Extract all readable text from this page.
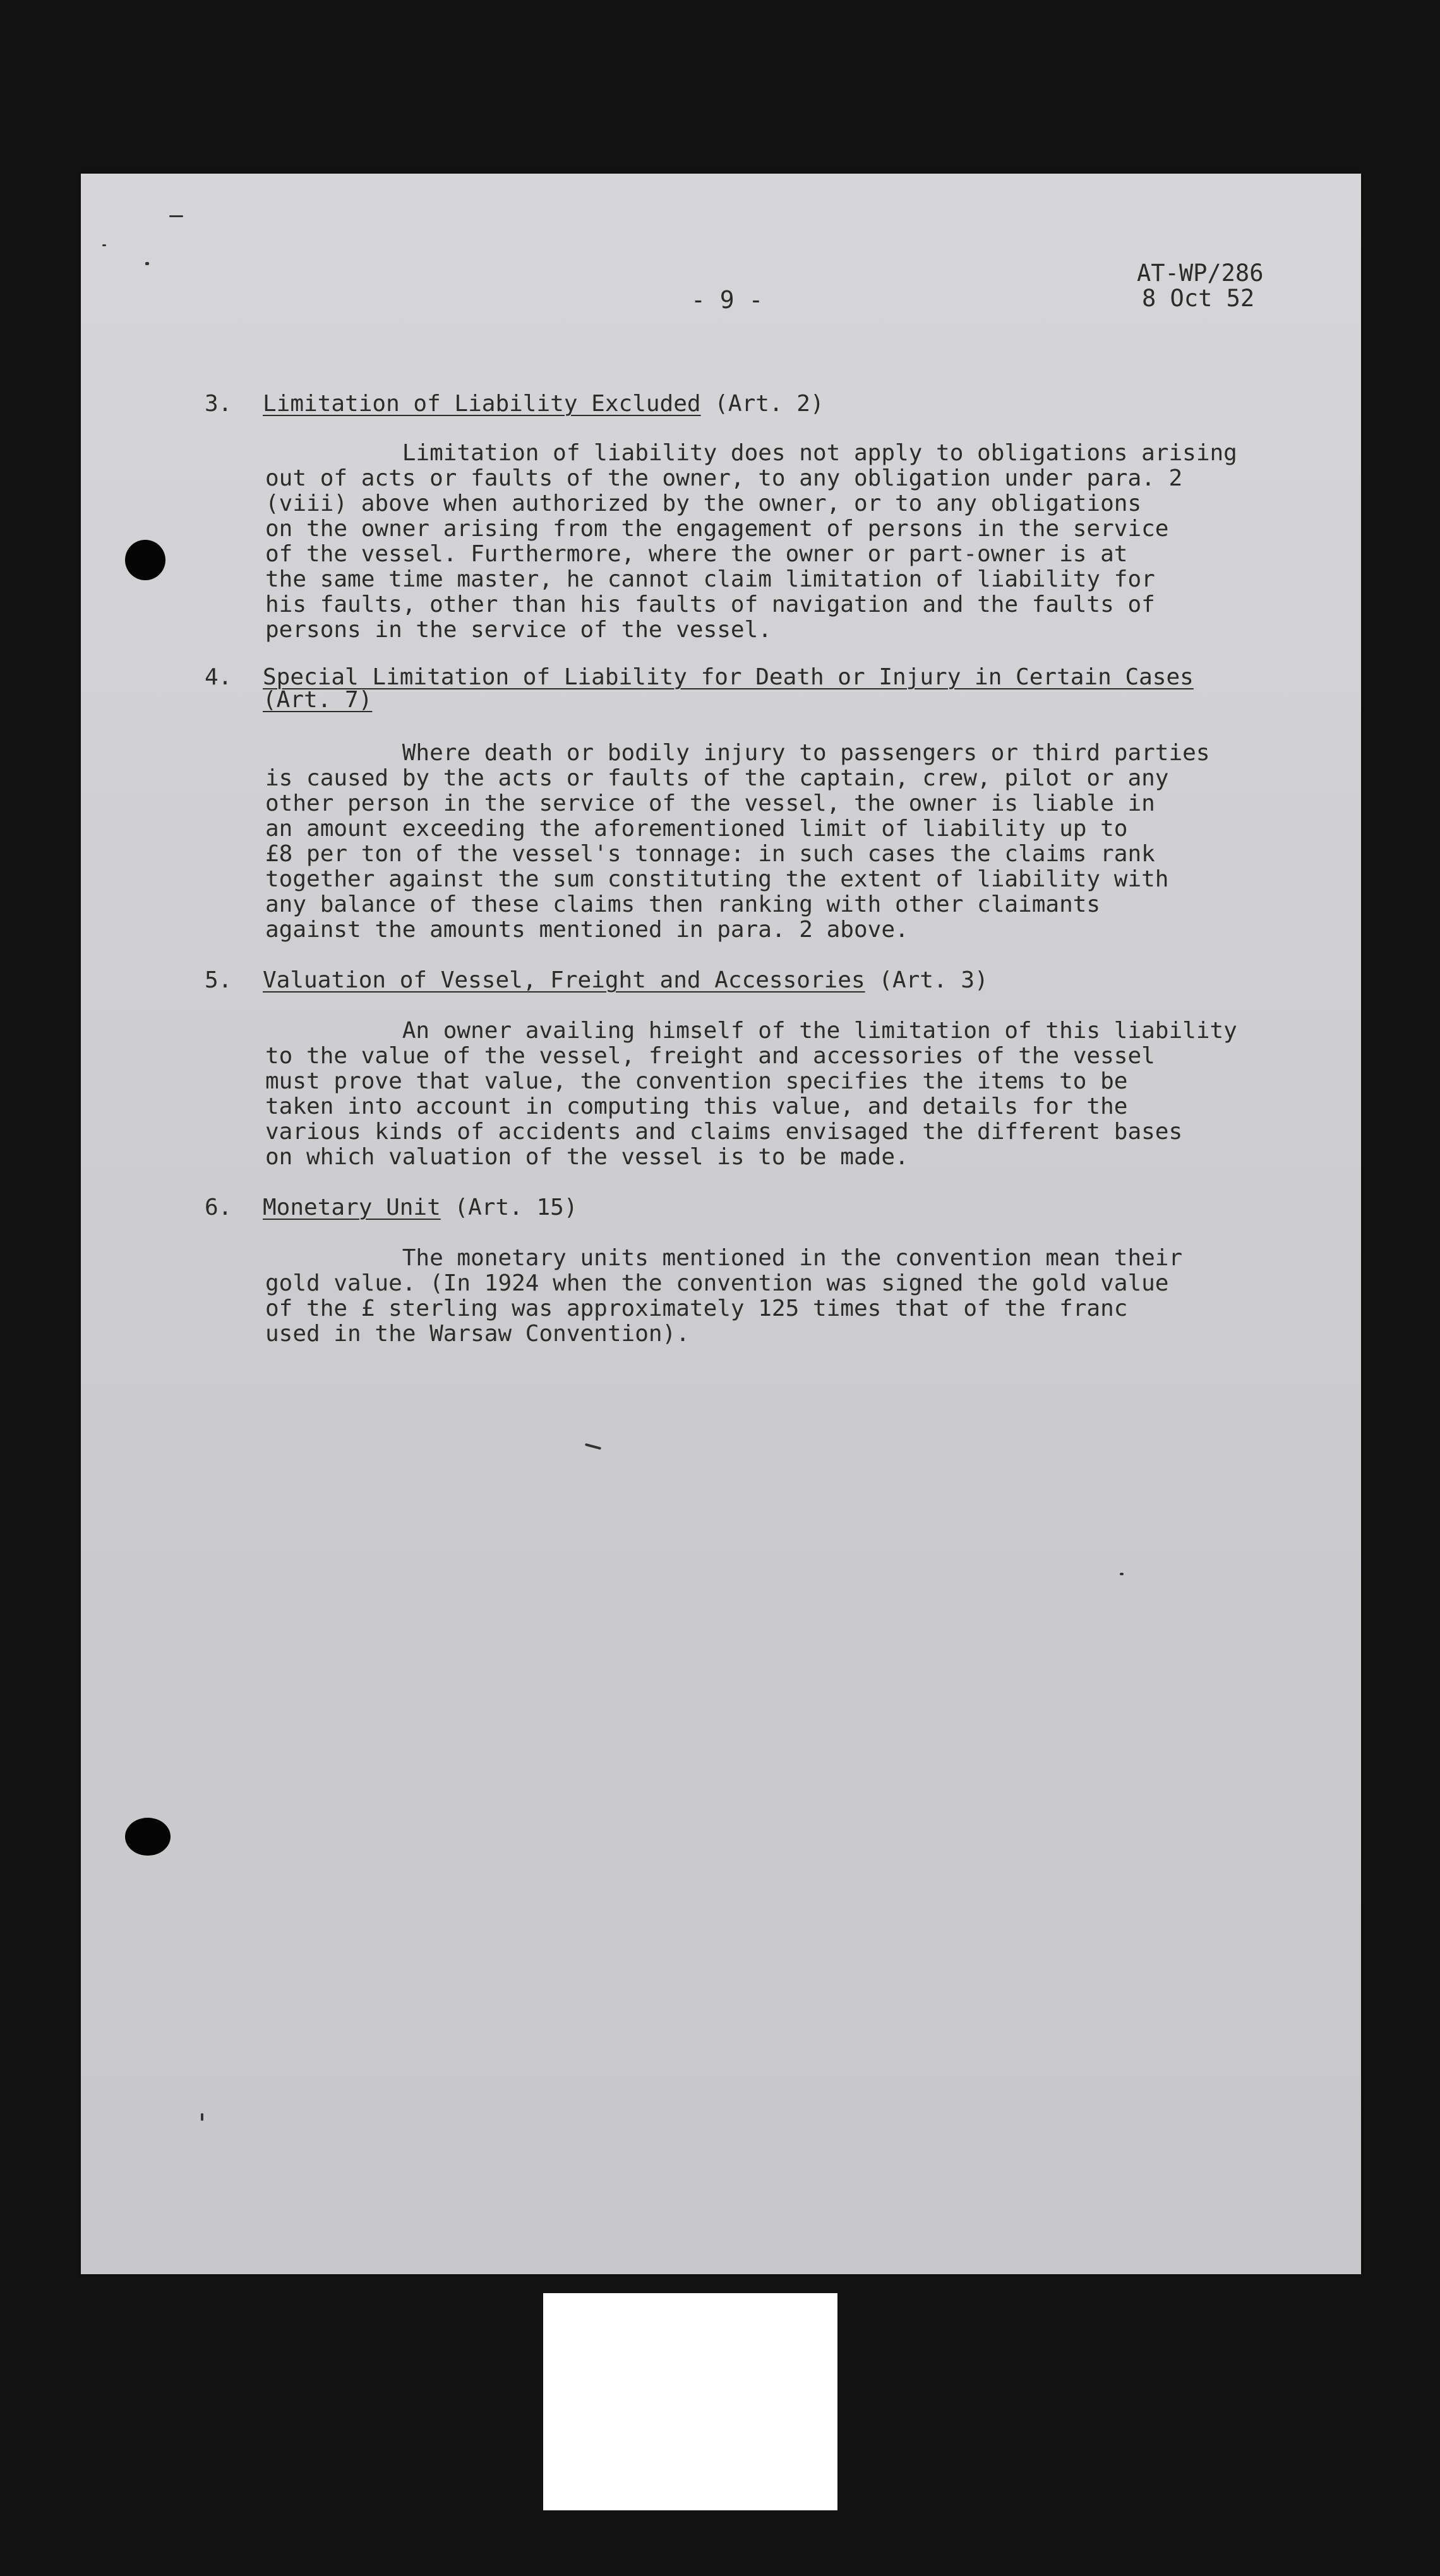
- 9 -
AT-WP/286
8 Oct 52
3. Limitation of Liability Excluded (Art. 2)
Limitation of liability does not apply to obligations arising
out of acts or faults of the owner, to any obligation under para. 2
(viii) above when authorized by the owner, or to any obligations
on the owner arising from the engagement of persons in the service
of the vessel. Furthermore, where the owner or part-owner is at
the same time master, he cannot claim limitation of liability for
his faults, other than his faults of navigation and the faults of
persons in the service of the vessel.
4. Special Limitation of Liability for Death or Injury in Certain Cases
(Art. 7)
Where death or bodily injury to passengers or third parties
is caused by the acts or faults of the captain, crew, pilot or any
other person in the service of the vessel, the owner is liable in
an amount exceeding the aforementioned limit of liability up to
£8 per ton of the vessel's tonnage: in such cases the claims rank
together against the sum constituting the extent of liability with
any balance of these claims then ranking with other claimants
against the amounts mentioned in para. 2 above.
5. Valuation of Vessel, Freight and Accessories (Art. 3)
An owner availing himself of the limitation of this liability
to the value of the vessel, freight and accessories of the vessel
must prove that value, the convention specifies the items to be
taken into account in computing this value, and details for the
various kinds of accidents and claims envisaged the different bases
on which valuation of the vessel is to be made.
6. Monetary Unit (Art. 15)
The monetary units mentioned in the convention mean their
gold value. (In 1924 when the convention was signed the gold value
of the £ sterling was approximately 125 times that of the franc
used in the Warsaw Convention).
